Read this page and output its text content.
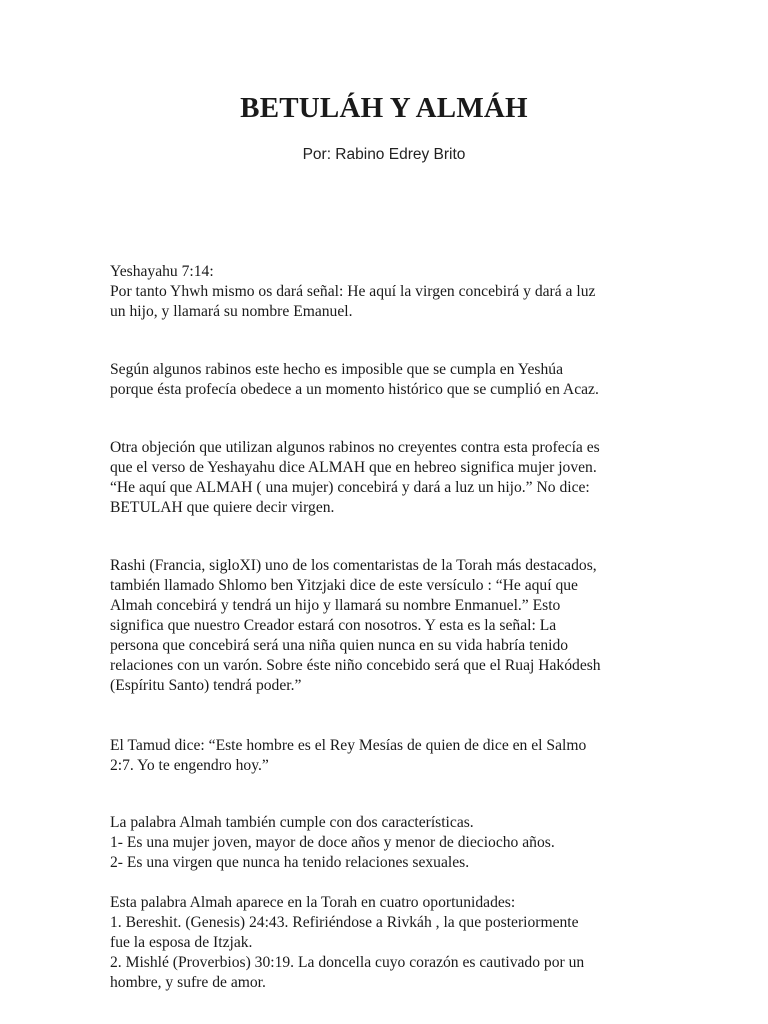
BETULÁH Y ALMÁH

Por: Rabino Edrey Brito

Yeshayahu 7:14:
Por tanto Yhwh mismo os dará señal: He aquí la virgen concebirá y dará a luz
un hijo, y llamará su nombre Emanuel.

Según algunos rabinos este hecho es imposible que se cumpla en Yeshúa
porque ésta profecía obedece a un momento histórico que se cumplió en Acaz.

Otra objeción que utilizan algunos rabinos no creyentes contra esta profecía es
que el verso de Yeshayahu dice ALMAH que en hebreo significa mujer joven.
“He aquí que ALMAH ( una mujer) concebirá y dará a luz un hijo.” No dice:
BETULAH que quiere decir virgen.

Rashi (Francia, sigloXI) uno de los comentaristas de la Torah más destacados,
también llamado Shlomo ben Yitzjaki dice de este versículo : “He aquí que
Almah concebirá y tendrá un hijo y llamará su nombre Enmanuel.” Esto
significa que nuestro Creador estará con nosotros. Y esta es la señal: La
persona que concebirá será una niña quien nunca en su vida habría tenido
relaciones con un varón. Sobre éste niño concebido será que el Ruaj Hakódesh
(Espíritu Santo) tendrá poder.”

El Tamud dice: “Este hombre es el Rey Mesías de quien de dice en el Salmo
2:7. Yo te engendro hoy.”

La palabra Almah también cumple con dos características.
1- Es una mujer joven, mayor de doce años y menor de dieciocho años.
2- Es una virgen que nunca ha tenido relaciones sexuales.

Esta palabra Almah aparece en la Torah en cuatro oportunidades:
1. Bereshit. (Genesis) 24:43. Refiriéndose a Rivkáh , la que posteriormente
fue la esposa de Itzjak.
2. Mishlé (Proverbios) 30:19. La doncella cuyo corazón es cautivado por un
hombre, y sufre de amor.
